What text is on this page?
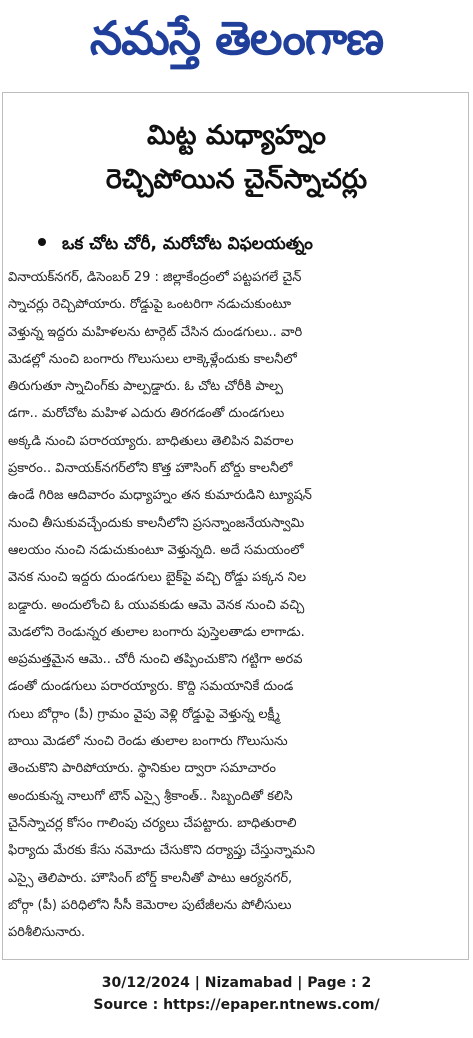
నమస్తే తెలంగాణ
మిట్ట మధ్యాహ్నం
రెచ్చిపోయిన చైన్‌స్నాచర్లు
ఒక చోట చోరీ, మరోచోట విఫలయత్నం
వినాయక్‌నగర్, డిసెంబర్ 29 : జిల్లాకేంద్రంలో పట్టపగలే చైన్
స్నాచర్లు రెచ్చిపోయారు. రోడ్డుపై ఒంటరిగా నడుచుకుంటూ
వెళ్తున్న ఇద్దరు మహిళలను టార్గెట్ చేసిన దుండగులు.. వారి
మెడల్లో నుంచి బంగారు గొలుసులు లాక్కెళ్లేందుకు కాలనీలో
తిరుగుతూ స్నాచింగ్‌కు పాల్పడ్డారు. ఓ చోట చోరీకి పాల్ప
డగా.. మరోచోట మహిళ ఎదురు తిరగడంతో దుండగులు
అక్కడి నుంచి పరారయ్యారు. బాధితులు తెలిపిన వివరాల
ప్రకారం.. వినాయక్‌నగర్‌లోని కొత్త హౌసింగ్ బోర్డు కాలనీలో
ఉండే గిరిజ ఆదివారం మధ్యాహ్నం తన కుమారుడిని ట్యూషన్
నుంచి తీసుకువచ్చేందుకు కాలనీలోని ప్రసన్నాంజనేయస్వామి
ఆలయం నుంచి నడుచుకుంటూ వెళ్తున్నది. అదే సమయంలో
వెనక నుంచి ఇద్దరు దుండగులు బైక్‌పై వచ్చి రోడ్డు పక్కన నిల
బడ్డారు. అందులోంచి ఓ యువకుడు ఆమె వెనక నుంచి వచ్చి
మెడలోని రెండున్నర తులాల బంగారు పుస్తెలతాడు లాగాడు.
అప్రమత్తమైన ఆమె.. చోరీ నుంచి తప్పించుకొని గట్టిగా అరవ
డంతో దుండగులు పరారయ్యారు. కొద్ది సమయానికే దుండ
గులు బోర్గాం (పీ) గ్రామం వైపు వెళ్లి రోడ్డుపై వెళ్తున్న లక్ష్మీ
బాయి మెడలో నుంచి రెండు తులాల బంగారు గొలుసును
తెంచుకొని పారిపోయారు. స్థానికుల ద్వారా సమాచారం
అందుకున్న నాలుగో టౌన్ ఎస్సై శ్రీకాంత్.. సిబ్బందితో కలిసి
చైన్‌స్నాచర్ల కోసం గాలింపు చర్యలు చేపట్టారు. బాధితురాలి
ఫిర్యాదు మేరకు కేసు నమోదు చేసుకొని దర్యాప్తు చేస్తున్నామని
ఎస్సై తెలిపారు. హౌసింగ్ బోర్డ్ కాలనీతో పాటు ఆర్యనగర్,
బోర్గా (పీ) పరిధిలోని సీసీ కెమెరాల పుటేజీలను పోలీసులు
పరిశీలిసునారు.
30/12/2024 | Nizamabad | Page : 2
Source : https://epaper.ntnews.com/
